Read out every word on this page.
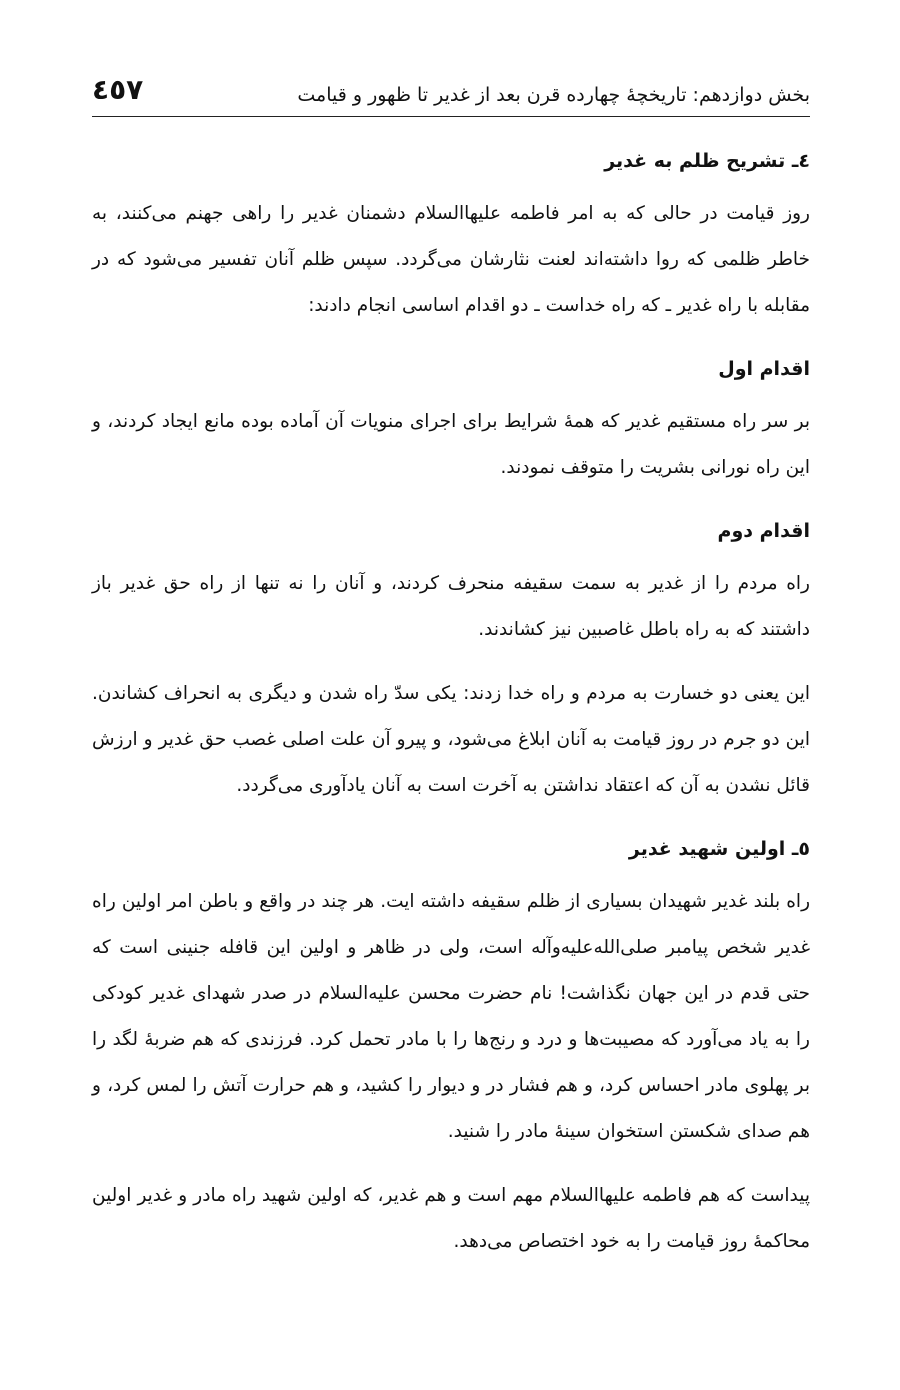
بخش دوازدهم: تاریخچۀ چهارده قرن بعد از غدیر تا ظهور و قیامت
٤٥٧
٤ـ تشریح ظلم به غدیر

روز قیامت در حالی که به امر فاطمه علیهاالسلام دشمنان غدیر را راهی جهنم می‌کنند، به خاطر ظلمی که روا داشته‌اند لعنت نثارشان می‌گردد. سپس ظلم آنان تفسیر می‌شود که در مقابله با راه غدیر ـ که راه خداست ـ دو اقدام اساسی انجام دادند:

اقدام اول

بر سر راه مستقیم غدیر که همۀ شرایط برای اجرای منویات آن آماده بوده مانع ایجاد کردند، و این راه نورانی بشریت را متوقف نمودند.

اقدام دوم

راه مردم را از غدیر به سمت سقیفه منحرف کردند، و آنان را نه تنها از راه حق غدیر باز داشتند که به راه باطل غاصبین نیز کشاندند.

این یعنی دو خسارت به مردم و راه خدا زدند: یکی سدّ راه شدن و دیگری به انحراف کشاندن. این دو جرم در روز قیامت به آنان ابلاغ می‌شود، و پیرو آن علت اصلی غصب حق غدیر و ارزش قائل نشدن به آن که اعتقاد نداشتن به آخرت است به آنان یادآوری می‌گردد.

٥ـ اولین شهید غدیر

راه بلند غدیر شهیدان بسیاری از ظلم سقیفه داشته ایت. هر چند در واقع و باطن امر اولین راه غدیر شخص پیامبر صلی‌الله‌علیه‌وآله است، ولی در ظاهر و اولین این قافله جنینی است که حتی قدم در این جهان نگذاشت! نام حضرت محسن علیه‌السلام در صدر شهدای غدیر کودکی را به یاد می‌آورد که مصیبت‌ها و درد و رنج‌ها را با مادر تحمل کرد. فرزندی که هم ضربۀ لگد را بر پهلوی مادر احساس کرد، و هم فشار در و دیوار را کشید، و هم حرارت آتش را لمس کرد، و هم صدای شکستن استخوان سینۀ مادر را شنید.

پیداست که هم فاطمه علیهاالسلام مهم است و هم غدیر، که اولین شهید راه مادر و غدیر اولین محاکمۀ روز قیامت را به خود اختصاص می‌دهد.
